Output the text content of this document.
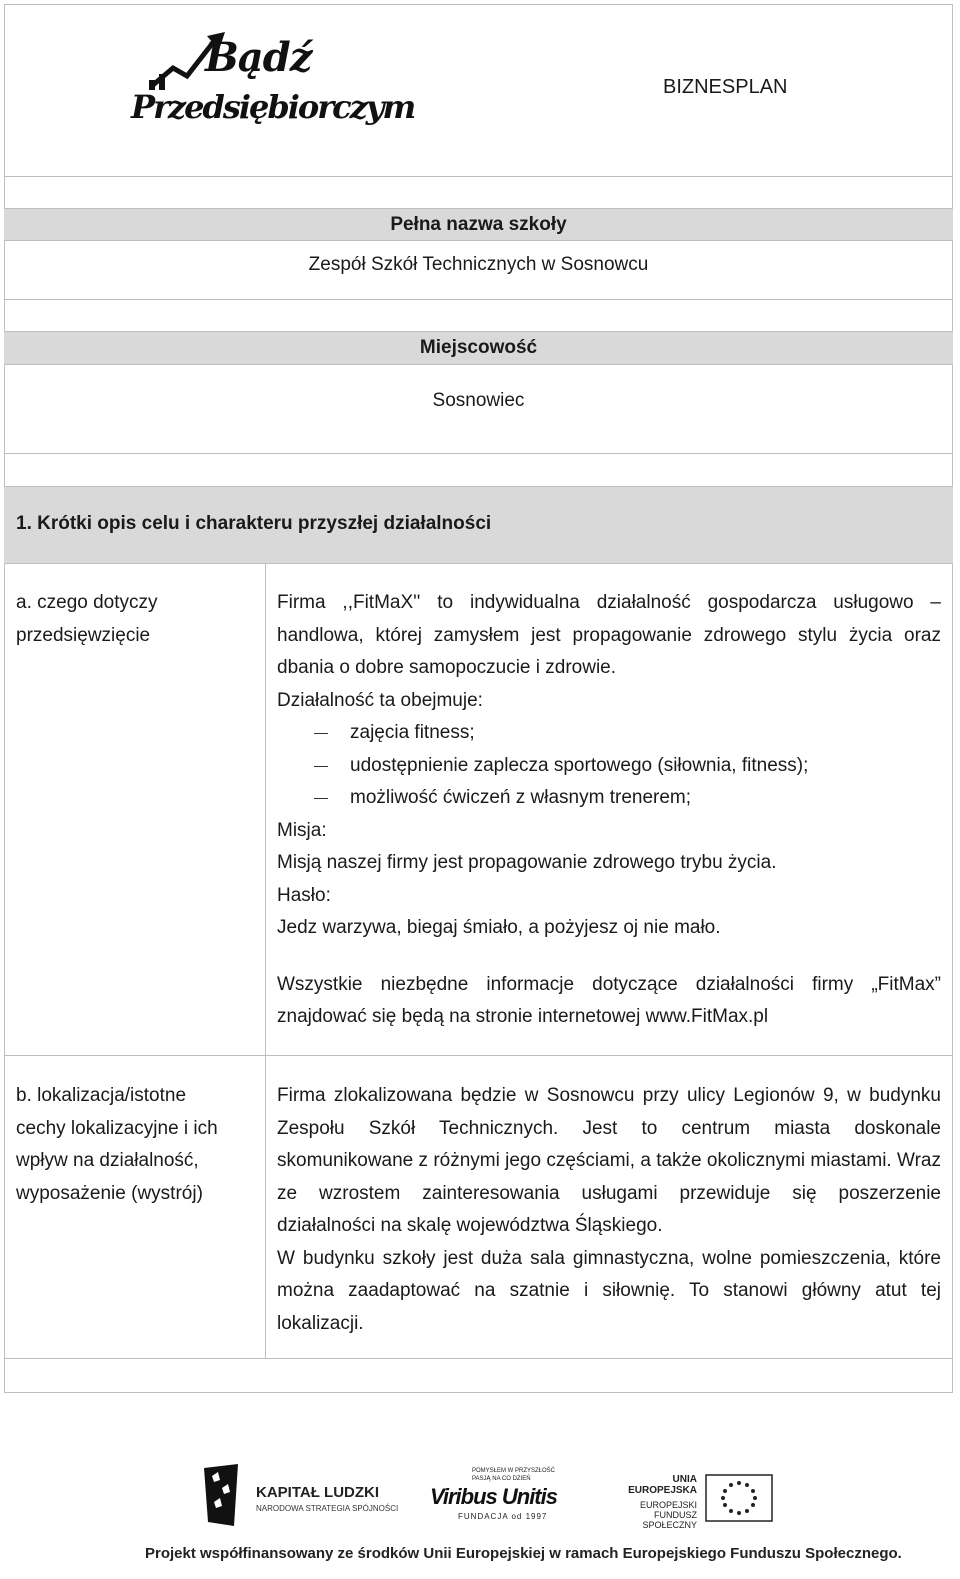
Bądź
Przedsiębiorczym
BIZNESPLAN
Pełna nazwa szkoły
Zespół Szkół Technicznych w Sosnowcu
Miejscowość
Sosnowiec
1. Krótki opis celu i charakteru przyszłej działalności
a. czego dotyczy
przedsięwzięcie
Firma ,,FitMaX'' to indywidualna działalność gospodarcza usługowo – handlowa, której zamysłem jest propagowanie zdrowego stylu życia oraz dbania o dobre samopoczucie i zdrowie.
Działalność ta obejmuje:
zajęcia fitness;
udostępnienie zaplecza sportowego (siłownia, fitness);
możliwość ćwiczeń z własnym trenerem;
Misja:
Misją naszej firmy jest propagowanie zdrowego trybu życia.
Hasło:
Jedz warzywa, biegaj śmiało, a pożyjesz oj nie mało.
Wszystkie niezbędne informacje dotyczące działalności firmy „FitMax” znajdować się będą na stronie internetowej www.FitMax.pl
b. lokalizacja/istotne
cechy lokalizacyjne i ich
wpływ na działalność,
wyposażenie (wystrój)
Firma zlokalizowana będzie w Sosnowcu przy ulicy Legionów 9, w budynku Zespołu Szkół Technicznych. Jest to centrum miasta doskonale skomunikowane z różnymi jego częściami, a także okolicznymi miastami. Wraz ze wzrostem zainteresowania usługami przewiduje się poszerzenie działalności na skalę województwa Śląskiego.
W budynku szkoły jest duża sala gimnastyczna, wolne pomieszczenia, które można zaadaptować na szatnie i siłownię. To stanowi główny atut tej lokalizacji.
KAPITAŁ LUDZKI
NARODOWA STRATEGIA SPÓJNOŚCI
POMYSŁEM W PRZYSZŁOŚĆ
PASJĄ NA CO DZIEŃ
Viribus Unitis
FUNDACJA od 1997
UNIA EUROPEJSKA
EUROPEJSKI
FUNDUSZ SPOŁECZNY
Projekt współfinansowany ze środków Unii Europejskiej w ramach Europejskiego Funduszu Społecznego.
